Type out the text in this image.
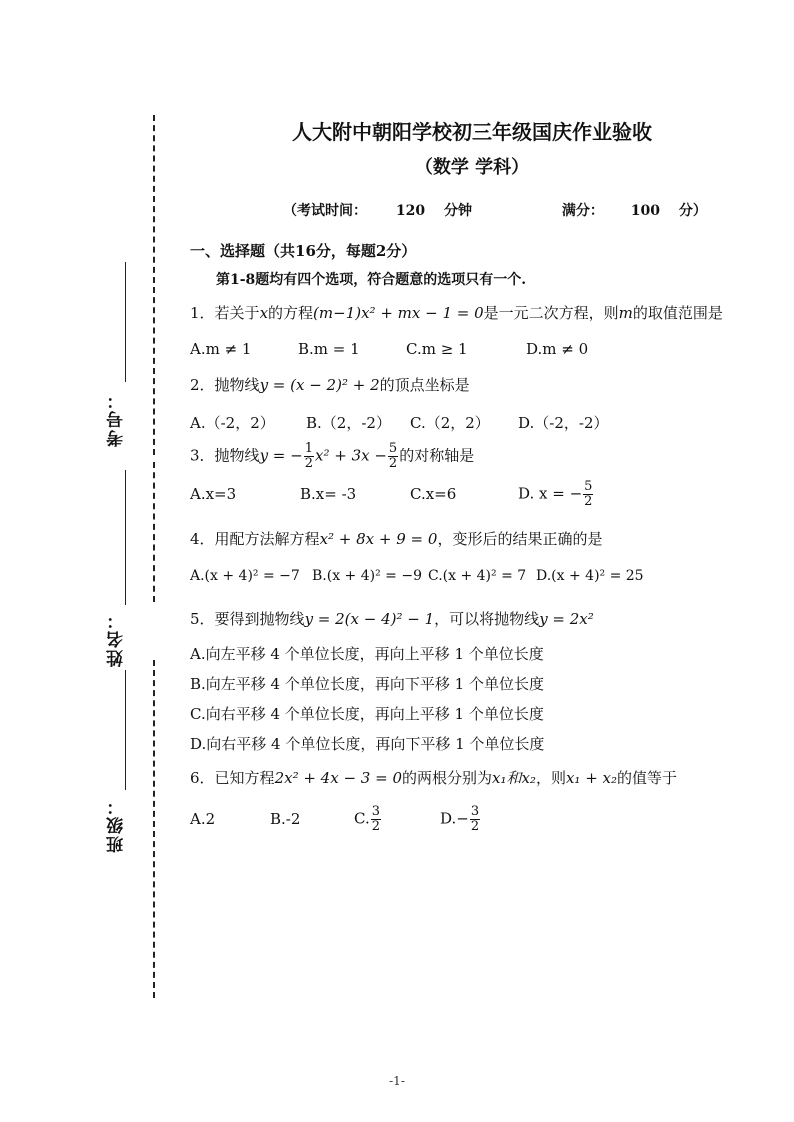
考号：
姓名：
班级：
人大附中朝阳学校初三年级国庆作业验收
（数学 学科）
（考试时间： 120 分钟	满分： 100 分）
一、选择题（共16分，每题2分）
第1-8题均有四个选项，符合题意的选项只有一个.
1．若关于x的方程(m−1)x² + mx − 1 = 0是一元二次方程，则m的取值范围是
A.m ≠ 1	B.m = 1	C.m ≥ 1	D.m ≠ 0
2．抛物线y = (x − 2)² + 2的顶点坐标是
A.（-2，2） B.（2，-2） C.（2，2） D.（-2，-2）
3．抛物线y = − $\frac{1}{2} x^2 + 3x - \frac{5}{2}$ 的对称轴是
A.x=3	B.x= -3	C.x=6	D. x = − $\frac{5}{2}$
4．用配方法解方程x² + 8x + 9 = 0，变形后的结果正确的是
A.(x + 4)² = −7 B.(x + 4)² = −9 C.(x + 4)² = 7 D.(x + 4)² = 25
5．要得到抛物线y = 2(x − 4)² − 1，可以将抛物线y = 2x²
A.向左平移 4 个单位长度，再向上平移 1 个单位长度
B.向左平移 4 个单位长度，再向下平移 1 个单位长度
C.向右平移 4 个单位长度，再向上平移 1 个单位长度
D.向右平移 4 个单位长度，再向下平移 1 个单位长度
6．已知方程2x² + 4x − 3 = 0的两根分别为x₁和x₂，则x₁ + x₂的值等于
A.2	B.-2	C. $\frac{3}{2}$	$D.- \frac{3}{2}$
-1-
